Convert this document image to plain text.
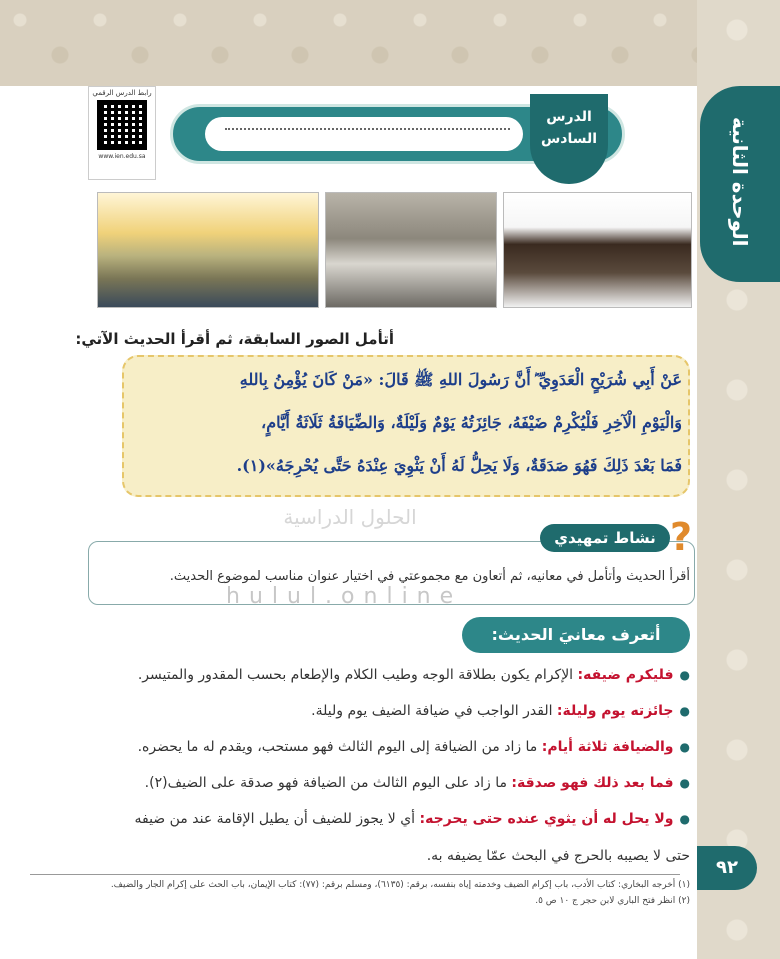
الوحدة الثانية
رابط الدرس الرقمي
www.ien.edu.sa
الدرس
السادس
أتأمل الصور السابقة، ثم أقرأ الحديث الآتي:
عَنْ أَبِي شُرَيْحٍ الْعَدَوِيِّ ؓ أَنَّ رَسُولَ اللهِ ﷺ قَالَ: «مَنْ كَانَ يُؤْمِنُ بِاللهِ
وَالْيَوْمِ الْآخِرِ فَلْيُكْرِمْ ضَيْفَهُ، جَائِزَتُهُ يَوْمٌ وَلَيْلَةٌ، وَالضِّيَافَةُ ثَلَاثَةُ أَيَّامٍ،
فَمَا بَعْدَ ذَلِكَ فَهُوَ صَدَقَةٌ، وَلَا يَحِلُّ لَهُ أَنْ يَثْوِيَ عِنْدَهُ حَتَّى يُحْرِجَهُ»(١).
الحلول الدراسية
hulul.online
نشاط تمهيدي ?
أقرأ الحديث وأتأمل في معانيه، ثم أتعاون مع مجموعتي في اختيار عنوان مناسب لموضوع الحديث.
أتعرف معانيَ الحديث:
●فليكرم ضيفه: الإكرام يكون بطلاقة الوجه وطيب الكلام والإطعام بحسب المقدور والمتيسر.
●جائزته يوم وليلة: القدر الواجب في ضيافة الضيف يوم وليلة.
●والضيافة ثلاثة أيام: ما زاد من الضيافة إلى اليوم الثالث فهو مستحب، ويقدم له ما يحضره.
●فما بعد ذلك فهو صدقة: ما زاد على اليوم الثالث من الضيافة فهو صدقة على الضيف(٢).
●ولا يحل له أن يثوي عنده حتى يحرجه: أي لا يجوز للضيف أن يطيل الإقامة عند من ضيفه
حتى لا يصيبه بالحرج في البحث عمّا يضيفه به.
٩٢
(١) أخرجه البخاري: كتاب الأدب، باب إكرام الضيف وخدمته إياه بنفسه، برقم: (٦١٣٥)، ومسلم برقم: (٧٧): كتاب الإيمان، باب الحث على إكرام الجار والضيف.
(٢) انظر فتح الباري لابن حجر ج ١٠ ص ٥.
